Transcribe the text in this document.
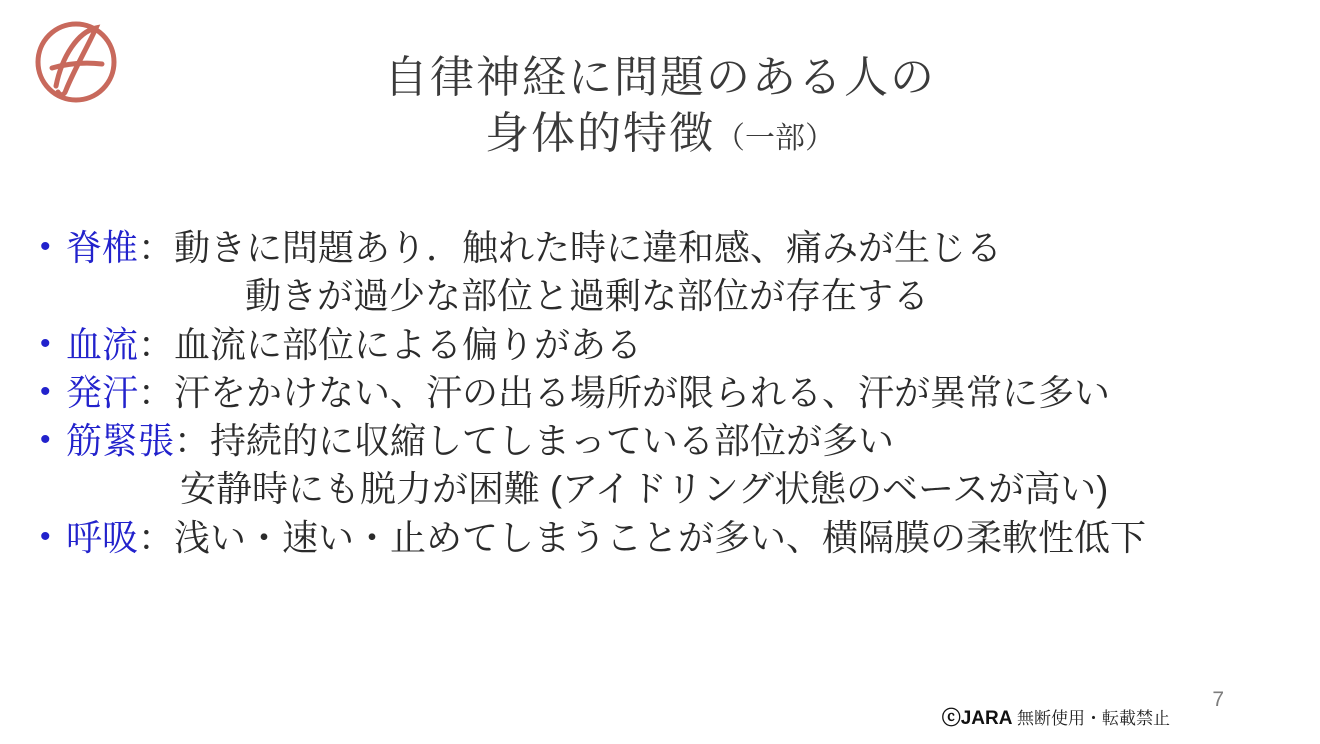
自律神経に問題のある人の
身体的特徴（一部）
• 脊椎 ： 動きに問題あり．触れた時に違和感、痛みが生じる
動きが過少な部位と過剰な部位が存在する
• 血流 ： 血流に部位による偏りがある
• 発汗 ： 汗をかけない、汗の出る場所が限られる、汗が異常に多い
• 筋緊張 ： 持続的に収縮してしまっている部位が多い
安静時にも脱力が困難 (アイドリング状態のベースが高い)
• 呼吸 ： 浅い・速い・止めてしまうことが多い、横隔膜の柔軟性低下
ⓒJARA 無断使用・転載禁止
7
